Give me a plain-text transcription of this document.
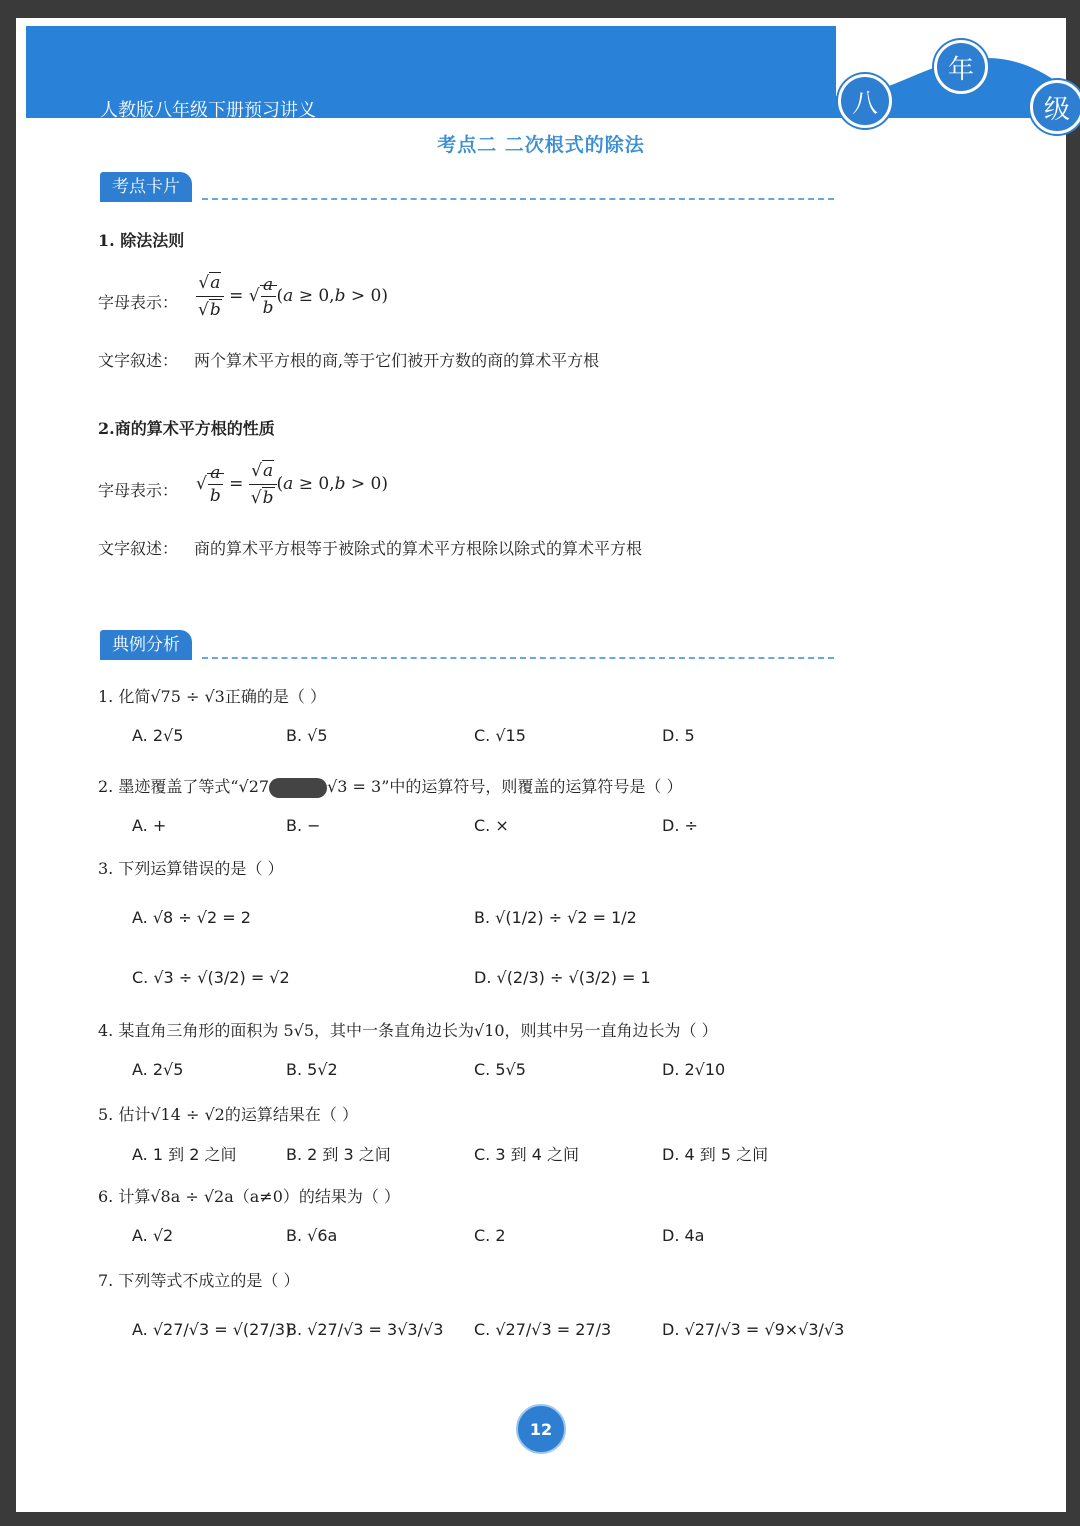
人教版八年级下册预习讲义	八
年
级
考点二 二次根式的除法
考点卡片
1. 除法法则
字母表示： $\frac{√a}{√b}$ = √ $\frac{a}{b} (a \ge 0,b > 0)$
文字叙述： 两个算术平方根的商,等于它们被开方数的商的算术平方根
2.商的算术平方根的性质
字母表示： √ $\frac{a}{b} = \frac{√a}{√b} (a \ge 0,b > 0)$
文字叙述： 商的算术平方根等于被除式的算术平方根除以除式的算术平方根
典例分析
1. 化简√75 ÷ √3正确的是（ ）
A. 2√5	B. √5	C. √15	D. 5
2. 墨迹覆盖了等式“√27	√3 = 3”中的运算符号，则覆盖的运算符号是（ ）
A. +	B. −	C. ×	D. ÷
3. 下列运算错误的是（ ）
A. √8 ÷ √2 = 2	B. √(1/2) ÷ √2 = 1/2
C. √3 ÷ √(3/2) = √2	D. √(2/3) ÷ √(3/2) = 1
4. 某直角三角形的面积为 5√5，其中一条直角边长为√10，则其中另一直角边长为（ ）
A. 2√5	B. 5√2	C. 5√5	D. 2√10
5. 估计√14 ÷ √2的运算结果在（ ）
A. 1 到 2 之间	B. 2 到 3 之间	C. 3 到 4 之间	D. 4 到 5 之间
6. 计算√8a ÷ √2a（a≠0）的结果为（ ）
A. √2	B. √6a	C. 2	D. 4a
7. 下列等式不成立的是（ ）
A. √27/√3 = √(27/3)
B. √27/√3 = 3√3/√3 C. √27/√3 = 27/3	D. √27/√3 = √9×√3/√3
12
